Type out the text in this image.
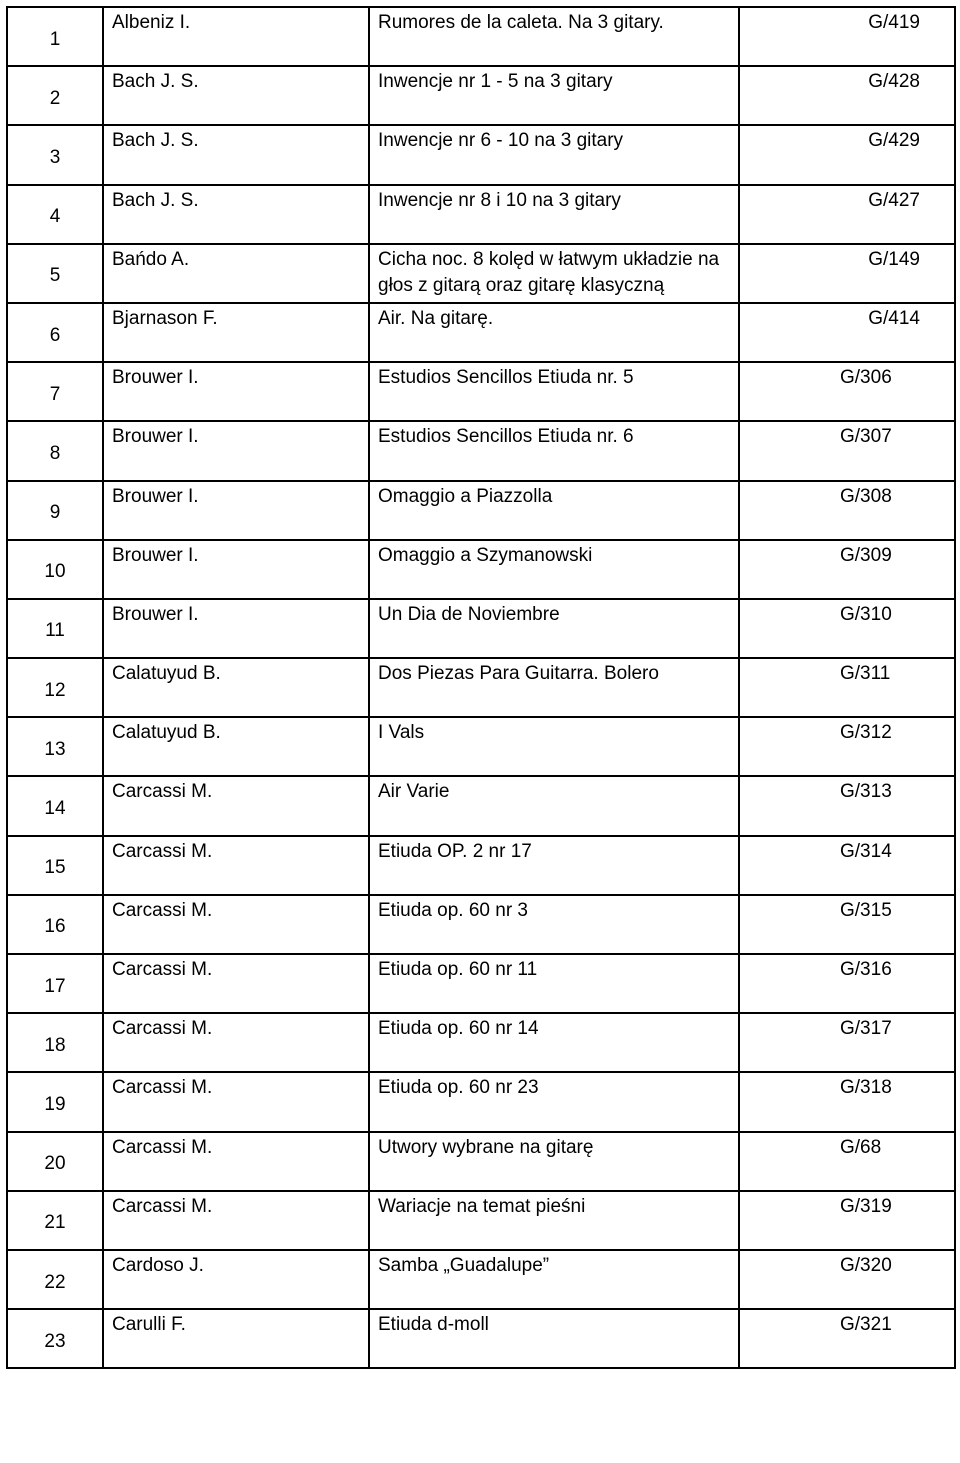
1	Albeniz I.	Rumores de la caleta. Na 3 gitary.	G/419
2	Bach J. S.	Inwencje nr 1 - 5 na 3 gitary	G/428
3	Bach J. S.	Inwencje nr 6 - 10 na 3 gitary	G/429
4	Bach J. S.	Inwencje nr 8 i 10 na 3 gitary	G/427
5	Bańdo A.	Cicha noc. 8 kolęd w łatwym układzie na głos z gitarą oraz gitarę klasyczną	G/149
6	Bjarnason F.	Air. Na gitarę.	G/414
7	Brouwer I.	Estudios Sencillos Etiuda nr. 5	G/306
8	Brouwer I.	Estudios Sencillos Etiuda nr. 6	G/307
9	Brouwer I.	Omaggio a Piazzolla	G/308
10	Brouwer I.	Omaggio a Szymanowski	G/309
11	Brouwer I.	Un Dia de Noviembre	G/310
12	Calatuyud B.	Dos Piezas Para Guitarra. Bolero	G/311
13	Calatuyud B.	I Vals	G/312
14	Carcassi M.	Air Varie	G/313
15	Carcassi M.	Etiuda OP. 2 nr 17	G/314
16	Carcassi M.	Etiuda op. 60 nr 3	G/315
17	Carcassi M.	Etiuda op. 60 nr 11	G/316
18	Carcassi M.	Etiuda op. 60 nr 14	G/317
19	Carcassi M.	Etiuda op. 60 nr 23	G/318
20	Carcassi M.	Utwory wybrane na gitarę	G/68
21	Carcassi M.	Wariacje na temat pieśni	G/319
22	Cardoso J.	Samba „Guadalupe”	G/320
23	Carulli F.	Etiuda d-moll	G/321
